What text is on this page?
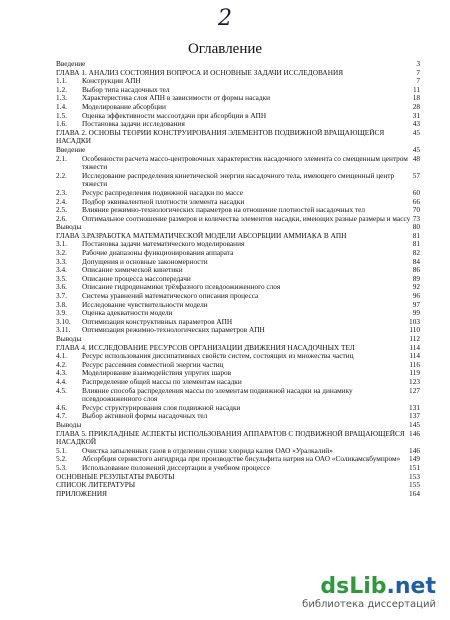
2
Оглавление
Введение	3
ГЛАВА 1. АНАЛИЗ СОСТОЯНИЯ ВОПРОСА И ОСНОВНЫЕ ЗАДАЧИ ИССЛЕДОВАНИЯ	7
1.1.	Конструкции АПН	7
1.2.	Выбор типа насадочных тел	11
1.3.	Характеристика слоя АПН в зависимости от формы насадки	18
1.4.	Моделирование абсорбции	28
1.5.	Оценка эффективности массоотдачи при абсорбции в АПН	31
1.6.	Постановка задачи исследования	43
ГЛАВА 2. ОСНОВЫ ТЕОРИИ КОНСТРУИРОВАНИЯ ЭЛЕМЕНТОВ ПОДВИЖНОЙ ВРАЩАЮЩЕЙСЯ НАСАДКИ
45
Введение	45
2.1.	Особенности расчета массо-центровочных характеристик насадочного элемента со смещенным центром тяжести
48
2.2.	Исследование распределения кинетической энергии насадочного тела, имеющего смещенный центр тяжести
57
2.3.	Ресурс распределения подвижной насадки по массе	60
2.4.	Подбор эквивалентной плотности элемента насадки	66
2.5.	Влияние режимно-технологических параметров на отношение плотностей насадочных тел	70
2.6.	Оптимальное соотношение размеров и количества элементов насадки, имеющих разные размеры и массу 73
Выводы	80
ГЛАВА 3.РАЗРАБОТКА МАТЕМАТИЧЕСКОЙ МОДЕЛИ АБСОРБЦИИ АММИАКА В АПН	81
3.1.	Постановка задачи математического моделирования	81
3.2.	Рабочие диапазоны функционирования аппарата	82
3.3.	Допущения и основные закономерности	84
3.4.	Описание химической кинетики	86
3.5.	Описание процесса массопередачи	89
3.6.	Описание гидродинамики трёхфазного псевдоожиженного слоя	92
3.7.	Система уравнений математического описания процесса	96
3.8.	Исследование чувствительности модели	97
3.9.	Оценка адекватности модели	99
3.10.	Оптимизация конструктивных параметров АПН	103
3.11.	Оптимизация режимно-технологических параметров АПН	110
Выводы	112
ГЛАВА 4. ИССЛЕДОВАНИЕ РЕСУРСОВ ОРГАНИЗАЦИИ ДВИЖЕНИЯ НАСАДОЧНЫХ ТЕЛ	114
4.1.	Ресурс использования диссипативных свойств систем, состоящих из множества частиц	114
4.2.	Ресурс рассеяния совместной энергии частиц	116
4.3.	Моделирование взаимодействия упругих шаров	119
4.4.	Распределение общей массы по элементам насадки	123
4.5.	Влияние способа распределения массы по элементам подвижной насадки на динамику псевдоожиженного слоя
127
4.6.	Ресурс структурирования слоя подвижной насадки	131
4.7.	Выбор активной формы насадочных тел	137
Выводы	145
ГЛАВА 5. ПРИКЛАДНЫЕ АСПЕКТЫ ИСПОЛЬЗОВАНИЯ АППАРАТОВ С ПОДВИЖНОЙ ВРАЩАЮЩЕЙСЯ НАСАДКОЙ
146
5.1.	Очистка запыленных газов в отделении сушки хлорида калия ОАО «Уралкалий»	146
5.2.	Абсорбция сернистого ангидрида при производстве бисульфита натрия на ОАО «Соликамскбумпром»	149
5.3.	Использование положений диссертации в учебном процессе	151
ОСНОВНЫЕ РЕЗУЛЬТАТЫ РАБОТЫ	153
СПИСОК ЛИТЕРАТУРЫ	155
ПРИЛОЖЕНИЯ	164
dsLib.net
библиотека диссертаций
